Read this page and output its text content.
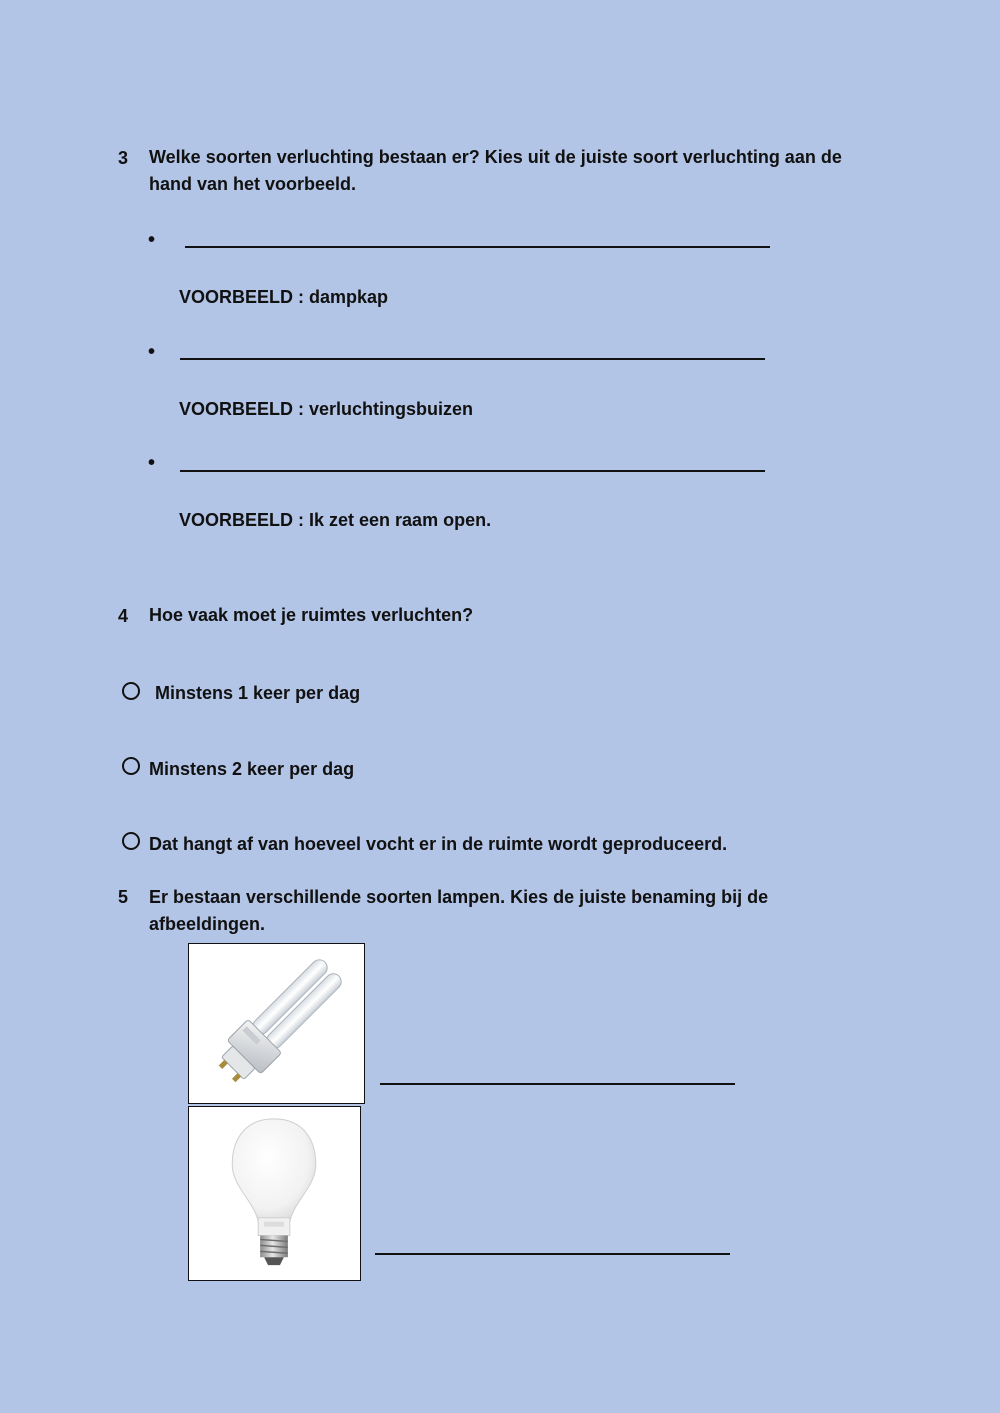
3 Welke soorten verluchting bestaan er? Kies uit de juiste soort verluchting aan de hand van het voorbeeld.
•
VOORBEELD : dampkap
•
VOORBEELD : verluchtingsbuizen
•
VOORBEELD : Ik zet een raam open.
4 Hoe vaak moet je ruimtes verluchten?
Minstens 1 keer per dag
Minstens 2 keer per dag
Dat hangt af van hoeveel vocht er in de ruimte wordt geproduceerd.
5 Er bestaan verschillende soorten lampen. Kies de juiste benaming bij de afbeeldingen.
